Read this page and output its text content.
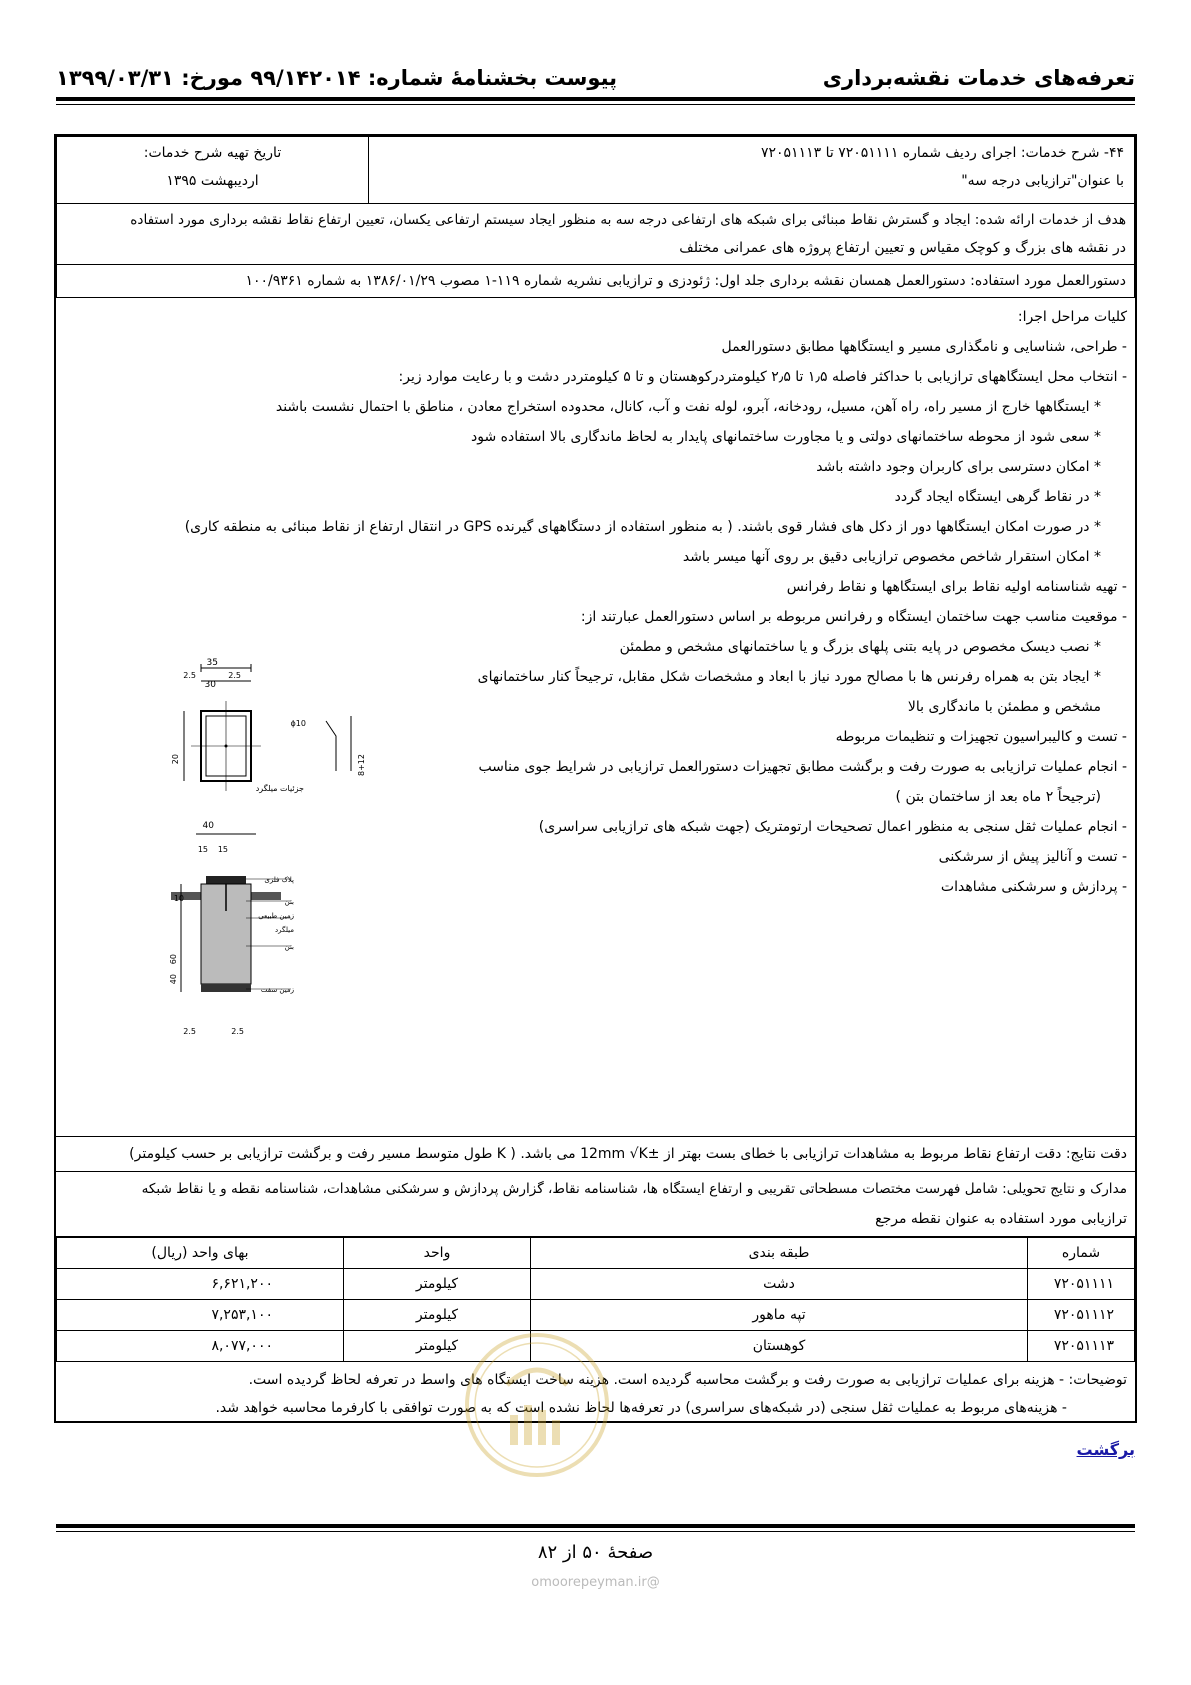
تعرفه‌های خدمات نقشه‌برداری
پیوست بخشنامهٔ شماره: ۹۹/۱۴۲۰۱۴ مورخ: ۱۳۹۹/۰۳/۳۱
۴۴- شرح خدمات: اجرای ردیف شماره ۷۲۰۵۱۱۱۱ تا ۷۲۰۵۱۱۱۳
با عنوان"ترازیابی درجه سه"

تاریخ تهیه شرح خدمات:
اردیبهشت ۱۳۹۵

هدف از خدمات ارائه شده: ایجاد و گسترش نقاط مبنائی برای شبکه های ارتفاعی درجه سه به منظور ایجاد سیستم ارتفاعی یکسان، تعیین ارتفاع نقاط نقشه برداری مورد استفاده
در نقشه های بزرگ و کوچک مقیاس و تعیین ارتفاع پروژه های عمرانی مختلف

دستورالعمل مورد استفاده: دستورالعمل همسان نقشه برداری جلد اول: ژئودزی و ترازیابی نشریه شماره ۱۱۹-۱ مصوب ۱۳۸۶/۰۱/۲۹ به شماره ۱۰۰/۹۳۶۱
کلیات مراحل اجرا:
- طراحی، شناسایی و نامگذاری مسیر و ایستگاهها مطابق دستورالعمل
- انتخاب محل ایستگاههای ترازیابی با حداکثر فاصله ۱٫۵ تا ۲٫۵ کیلومتردرکوهستان و تا ۵ کیلومتردر دشت و با رعایت موارد زیر:
* ایستگاهها خارج از مسیر راه، راه آهن، مسیل، رودخانه، آبرو، لوله نفت و آب، کانال، محدوده استخراج معادن ، مناطق با احتمال نشست باشند
* سعی شود از محوطه ساختمانهای دولتی و یا مجاورت ساختمانهای پایدار به لحاظ ماندگاری بالا استفاده شود
* امکان دسترسی برای کاربران وجود داشته باشد
* در نقاط گرهی ایستگاه ایجاد گردد
* در صورت امکان ایستگاهها دور از دکل های فشار قوی باشند. ( به منظور استفاده از دستگاههای گیرنده GPS در انتقال ارتفاع از نقاط مبنائی به منطقه کاری)
* امکان استقرار شاخص مخصوص ترازیابی دقیق بر روی آنها میسر باشد
- تهیه شناسنامه اولیه نقاط برای ایستگاهها و نقاط رفرانس
- موقعیت مناسب جهت ساختمان ایستگاه و رفرانس مربوطه بر اساس دستورالعمل عبارتند از:
* نصب دیسک مخصوص در پایه بتنی پلهای بزرگ و یا ساختمانهای مشخص و مطمئن
* ایجاد بتن به همراه رفرنس ها با مصالح مورد نیاز با ابعاد و مشخصات شکل مقابل، ترجیحاً کنار ساختمانهای
مشخص و مطمئن با ماندگاری بالا
- تست و کالیبراسیون تجهیزات و تنظیمات مربوطه
- انجام عملیات ترازیابی به صورت رفت و برگشت مطابق تجهیزات دستورالعمل ترازیابی در شرایط جوی مناسب
(ترجیحاً ۲ ماه بعد از ساختمان بتن )
- انجام عملیات ثقل سنجی به منظور اعمال تصحیحات ارتومتریک (جهت شبکه های ترازیابی سراسری)
- تست و آنالیز پیش از سرشکنی
- پردازش و سرشکنی مشاهدات
35
2.5
30
2.5
20
ϕ10
8+12
جزئیات میلگرد
40
15 15
60
40
10
پلاک فلزی
بتن
زمین طبیعی
میلگرد
بتن
زمین سفت
2.5	2.5
دقت نتایج: دقت ارتفاع نقاط مربوط به مشاهدات ترازیابی با خطای بست بهتر از ±12mm √K می باشد. ( K طول متوسط مسیر رفت و برگشت ترازیابی بر حسب کیلومتر)
مدارک و نتایج تحویلی: شامل فهرست مختصات مسطحاتی تقریبی و ارتفاع ایستگاه ها، شناسنامه نقاط، گزارش پردازش و سرشکنی مشاهدات، شناسنامه نقطه و یا نقاط شبکه
ترازیابی مورد استفاده به عنوان نقطه مرجع
شماره	طبقه بندی	واحد	بهای واحد (ریال)
۷۲۰۵۱۱۱۱	دشت	کیلومتر	۶,۶۲۱,۲۰۰
۷۲۰۵۱۱۱۲	تپه ماهور	کیلومتر	۷,۲۵۳,۱۰۰
۷۲۰۵۱۱۱۳	کوهستان	کیلومتر	۸,۰۷۷,۰۰۰
توضیحات: - هزینه برای عملیات ترازیابی به صورت رفت و برگشت محاسبه گردیده است. هزینه ساخت ایستگاه های واسط در تعرفه لحاظ گردیده است.
- هزینه‌های مربوط به عملیات ثقل سنجی (در شبکه‌های سراسری) در تعرفه‌ها لحاظ نشده است که به صورت توافقی با کارفرما محاسبه خواهد شد.
برگشت
صفحهٔ ۵۰ از ۸۲
@omoorepeyman.ir
